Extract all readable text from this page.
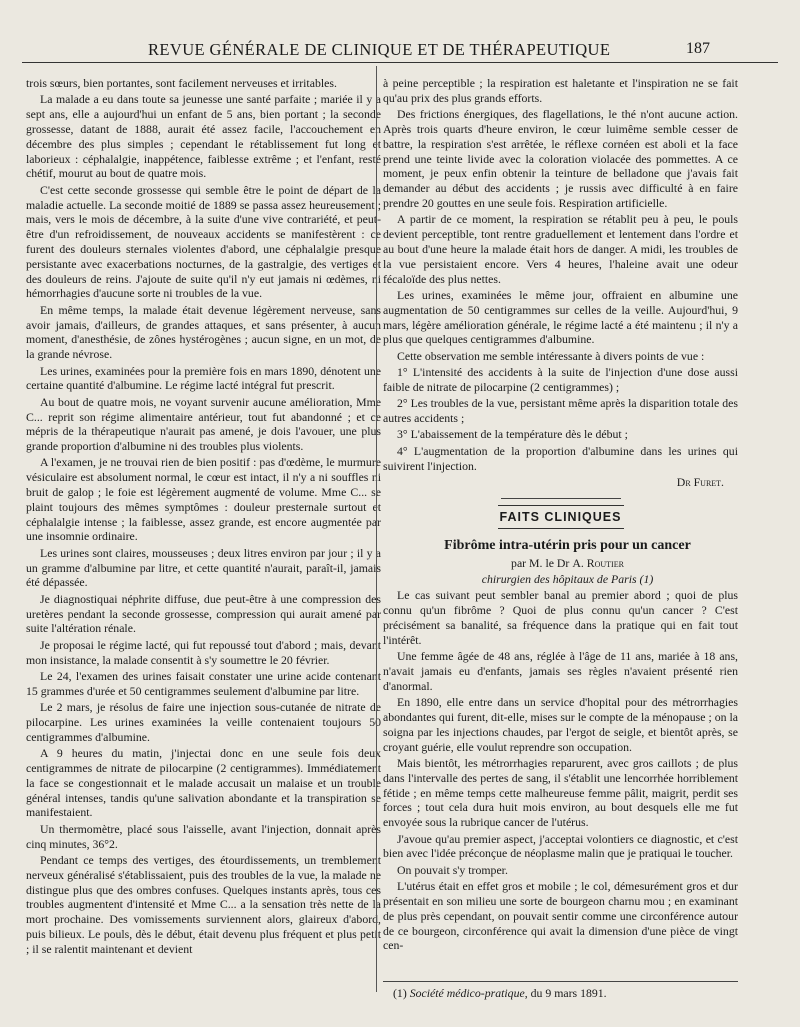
REVUE GÉNÉRALE DE CLINIQUE ET DE THÉRAPEUTIQUE	187

trois sœurs, bien portantes, sont facilement nerveuses et irritables.

La malade a eu dans toute sa jeunesse une santé parfaite ; mariée il y a sept ans, elle a aujourd'hui un enfant de 5 ans, bien portant ; la seconde grossesse, datant de 1888, aurait été assez facile, l'accouchement en décembre des plus simples ; cependant le rétablissement fut long et laborieux : céphalalgie, inappétence, faiblesse extrême ; et l'enfant, resté chétif, mourut au bout de quatre mois.

C'est cette seconde grossesse qui semble être le point de départ de la maladie actuelle. La seconde moitié de 1889 se passa assez heureusement ; mais, vers le mois de décembre, à la suite d'une vive contrariété, et peut-être d'un refroidissement, de nouveaux accidents se manifestèrent : ce furent des douleurs sternales violentes d'abord, une céphalalgie presque persistante avec exacerbations nocturnes, de la gastralgie, des vertiges et des douleurs de reins. J'ajoute de suite qu'il n'y eut jamais ni œdèmes, ni hémorrhagies d'aucune sorte ni troubles de la vue.

En même temps, la malade était devenue légèrement nerveuse, sans avoir jamais, d'ailleurs, de grandes attaques, et sans présenter, à aucun moment, d'anesthésie, de zônes hystérogènes ; aucun signe, en un mot, de la grande névrose.

Les urines, examinées pour la première fois en mars 1890, dénotent une certaine quantité d'albumine. Le régime lacté intégral fut prescrit.

Au bout de quatre mois, ne voyant survenir aucune amélioration, Mme C... reprit son régime alimentaire antérieur, tout fut abandonné ; et ce mépris de la thérapeutique n'aurait pas amené, je dois l'avouer, une plus grande proportion d'albumine ni des troubles plus violents.

A l'examen, je ne trouvai rien de bien positif : pas d'œdème, le murmure vésiculaire est absolument normal, le cœur est intact, il n'y a ni souffles ni bruit de galop ; le foie est légèrement augmenté de volume. Mme C... se plaint toujours des mêmes symptômes : douleur presternale surtout et céphalalgie intense ; la faiblesse, assez grande, est encore augmentée par une insomnie ordinaire.

Les urines sont claires, mousseuses ; deux litres environ par jour ; il y a un gramme d'albumine par litre, et cette quantité n'aurait, paraît-il, jamais été dépassée.

Je diagnostiquai néphrite diffuse, due peut-être à une compression des uretères pendant la seconde grossesse, compression qui aurait amené par suite l'altération rénale.

Je proposai le régime lacté, qui fut repoussé tout d'abord ; mais, devant mon insistance, la malade consentit à s'y soumettre le 20 février.

Le 24, l'examen des urines faisait constater une urine acide contenant 15 grammes d'urée et 50 centigrammes seulement d'albumine par litre.

Le 2 mars, je résolus de faire une injection sous-cutanée de nitrate de pilocarpine. Les urines examinées la veille contenaient toujours 50 centigrammes d'albumine.

A 9 heures du matin, j'injectai donc en une seule fois deux centigrammes de nitrate de pilocarpine (2 centigrammes). Immédiatement la face se congestionnait et le malade accusait un malaise et un trouble général intenses, tandis qu'une salivation abondante et la transpiration se manifestaient.

Un thermomètre, placé sous l'aisselle, avant l'injection, donnait après cinq minutes, 36°2.

Pendant ce temps des vertiges, des étourdissements, un tremblement nerveux généralisé s'établissaient, puis des troubles de la vue, la malade ne distingue plus que des ombres confuses. Quelques instants après, tous ces troubles augmentent d'intensité et Mme C... a la sensation très nette de la mort prochaine. Des vomissements surviennent alors, glaireux d'abord, puis bilieux. Le pouls, dès le début, était devenu plus fréquent et plus petit ; il se ralentit maintenant et devient

à peine perceptible ; la respiration est haletante et l'inspiration ne se fait qu'au prix des plus grands efforts.

Des frictions énergiques, des flagellations, le thé n'ont aucune action. Après trois quarts d'heure environ, le cœur luimême semble cesser de battre, la respiration s'est arrêtée, le réflexe cornéen est aboli et la face prend une teinte livide avec la coloration violacée des pommettes. A ce moment, je peux enfin obtenir la teinture de belladone que j'avais fait demander au début des accidents ; je russis avec difficulté à en faire prendre 20 gouttes en une seule fois. Respiration artificielle.

A partir de ce moment, la respiration se rétablit peu à peu, le pouls devient perceptible, tont rentre graduellement et lentement dans l'ordre et au bout d'une heure la malade était hors de danger. A midi, les troubles de la vue persistaient encore. Vers 4 heures, l'haleine avait une odeur fécaloïde des plus nettes.

Les urines, examinées le même jour, offraient en albumine une augmentation de 50 centigrammes sur celles de la veille. Aujourd'hui, 9 mars, légère amélioration générale, le régime lacté a été maintenu ; il n'y a plus que quelques centigrammes d'albumine.

Cette observation me semble intéressante à divers points de vue :

1° L'intensité des accidents à la suite de l'injection d'une dose aussi faible de nitrate de pilocarpine (2 centigrammes) ;

2° Les troubles de la vue, persistant même après la disparition totale des autres accidents ;

3° L'abaissement de la température dès le début ;

4° L'augmentation de la proportion d'albumine dans les urines qui suivirent l'injection.

Dr Furet.

FAITS CLINIQUES

Fibrôme intra-utérin pris pour un cancer

par M. le Dr A. Routier

chirurgien des hôpitaux de Paris (1)

Le cas suivant peut sembler banal au premier abord ; quoi de plus connu qu'un fibrôme ? Quoi de plus connu qu'un cancer ? C'est précisément sa banalité, sa fréquence dans la pratique qui en fait tout l'intérêt.

Une femme âgée de 48 ans, réglée à l'âge de 11 ans, mariée à 18 ans, n'avait jamais eu d'enfants, jamais ses règles n'avaient présenté rien d'anormal.

En 1890, elle entre dans un service d'hopital pour des métrorrhagies abondantes qui furent, dit-elle, mises sur le compte de la ménopause ; on la soigna par les injections chaudes, par l'ergot de seigle, et bientôt après, se croyant guérie, elle voulut reprendre son occupation.

Mais bientôt, les métrorrhagies reparurent, avec gros caillots ; de plus dans l'intervalle des pertes de sang, il s'établit une lencorrhée horriblement fétide ; en même temps cette malheureuse femme pâlit, maigrit, perdit ses forces ; tout cela dura huit mois environ, au bout desquels elle me fut envoyée sous la rubrique cancer de l'utérus.

J'avoue qu'au premier aspect, j'acceptai volontiers ce diagnostic, et c'est bien avec l'idée préconçue de néoplasme malin que je pratiquai le toucher.

On pouvait s'y tromper.

L'utérus était en effet gros et mobile ; le col, démesurément gros et dur présentait en son milieu une sorte de bourgeon charnu mou ; en examinant de plus près cependant, on pouvait sentir comme une circonférence autour de ce bourgeon, circonférence qui avait la dimension d'une pièce de vingt cen-

(1) Société médico-pratique, du 9 mars 1891.
